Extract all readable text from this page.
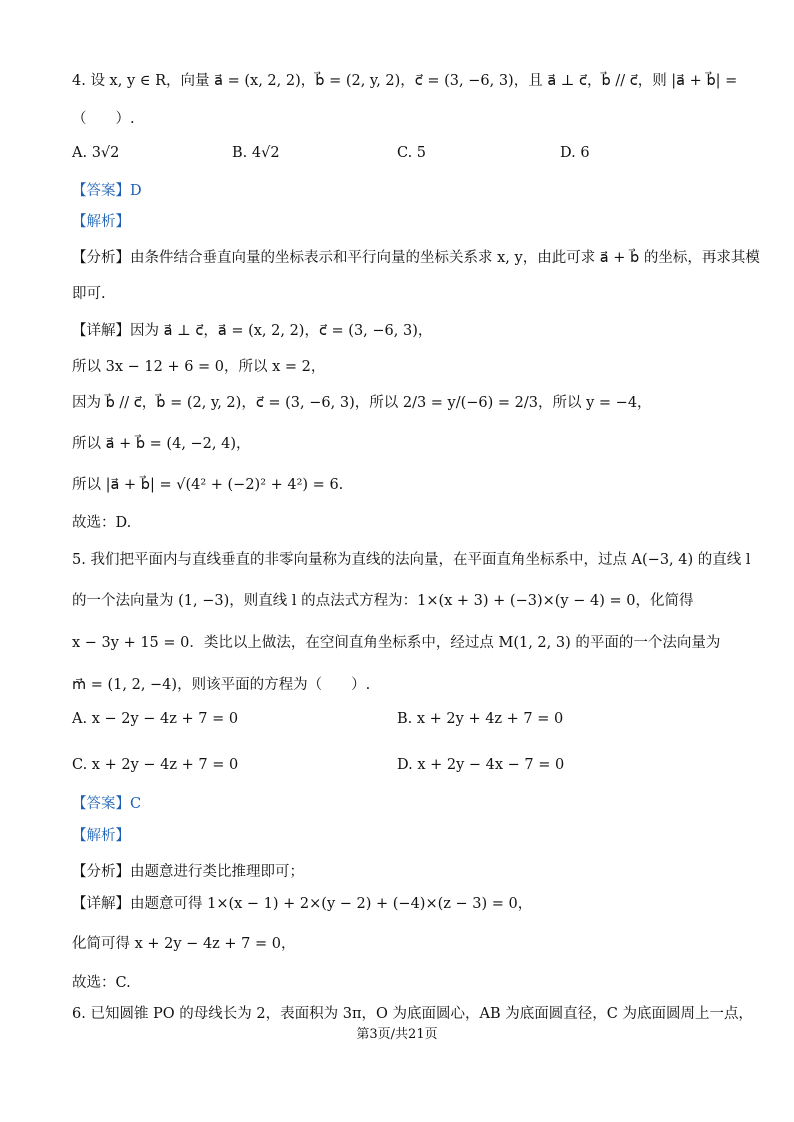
4. 设 x, y ∈ R，向量 a⃗ = (x, 2, 2)，b⃗ = (2, y, 2)，c⃗ = (3, −6, 3)，且 a⃗ ⊥ c⃗，b⃗ // c⃗，则 |a⃗ + b⃗| =
（　　）.
A. 3√2	B. 4√2	C. 5	D. 6
【答案】D
【解析】
【分析】由条件结合垂直向量的坐标表示和平行向量的坐标关系求 x, y，由此可求 a⃗ + b⃗ 的坐标，再求其模
即可.
【详解】因为 a⃗ ⊥ c⃗，a⃗ = (x, 2, 2)，c⃗ = (3, −6, 3)，
所以 3x − 12 + 6 = 0，所以 x = 2，
因为 b⃗ // c⃗，b⃗ = (2, y, 2)，c⃗ = (3, −6, 3)，所以 2/3 = y/(−6) = 2/3，所以 y = −4，
所以 a⃗ + b⃗ = (4, −2, 4)，
所以 |a⃗ + b⃗| = √(4² + (−2)² + 4²) = 6.
故选：D.
5. 我们把平面内与直线垂直的非零向量称为直线的法向量，在平面直角坐标系中，过点 A(−3, 4) 的直线 l
的一个法向量为 (1, −3)，则直线 l 的点法式方程为：1×(x + 3) + (−3)×(y − 4) = 0，化简得
x − 3y + 15 = 0．类比以上做法，在空间直角坐标系中，经过点 M(1, 2, 3) 的平面的一个法向量为
m⃗ = (1, 2, −4)，则该平面的方程为（　　）.
A. x − 2y − 4z + 7 = 0	B. x + 2y + 4z + 7 = 0
C. x + 2y − 4z + 7 = 0	D. x + 2y − 4x − 7 = 0
【答案】C
【解析】
【分析】由题意进行类比推理即可；
【详解】由题意可得 1×(x − 1) + 2×(y − 2) + (−4)×(z − 3) = 0，
化简可得 x + 2y − 4z + 7 = 0，
故选：C.
6. 已知圆锥 PO 的母线长为 2，表面积为 3π，O 为底面圆心，AB 为底面圆直径，C 为底面圆周上一点，
第3页/共21页
